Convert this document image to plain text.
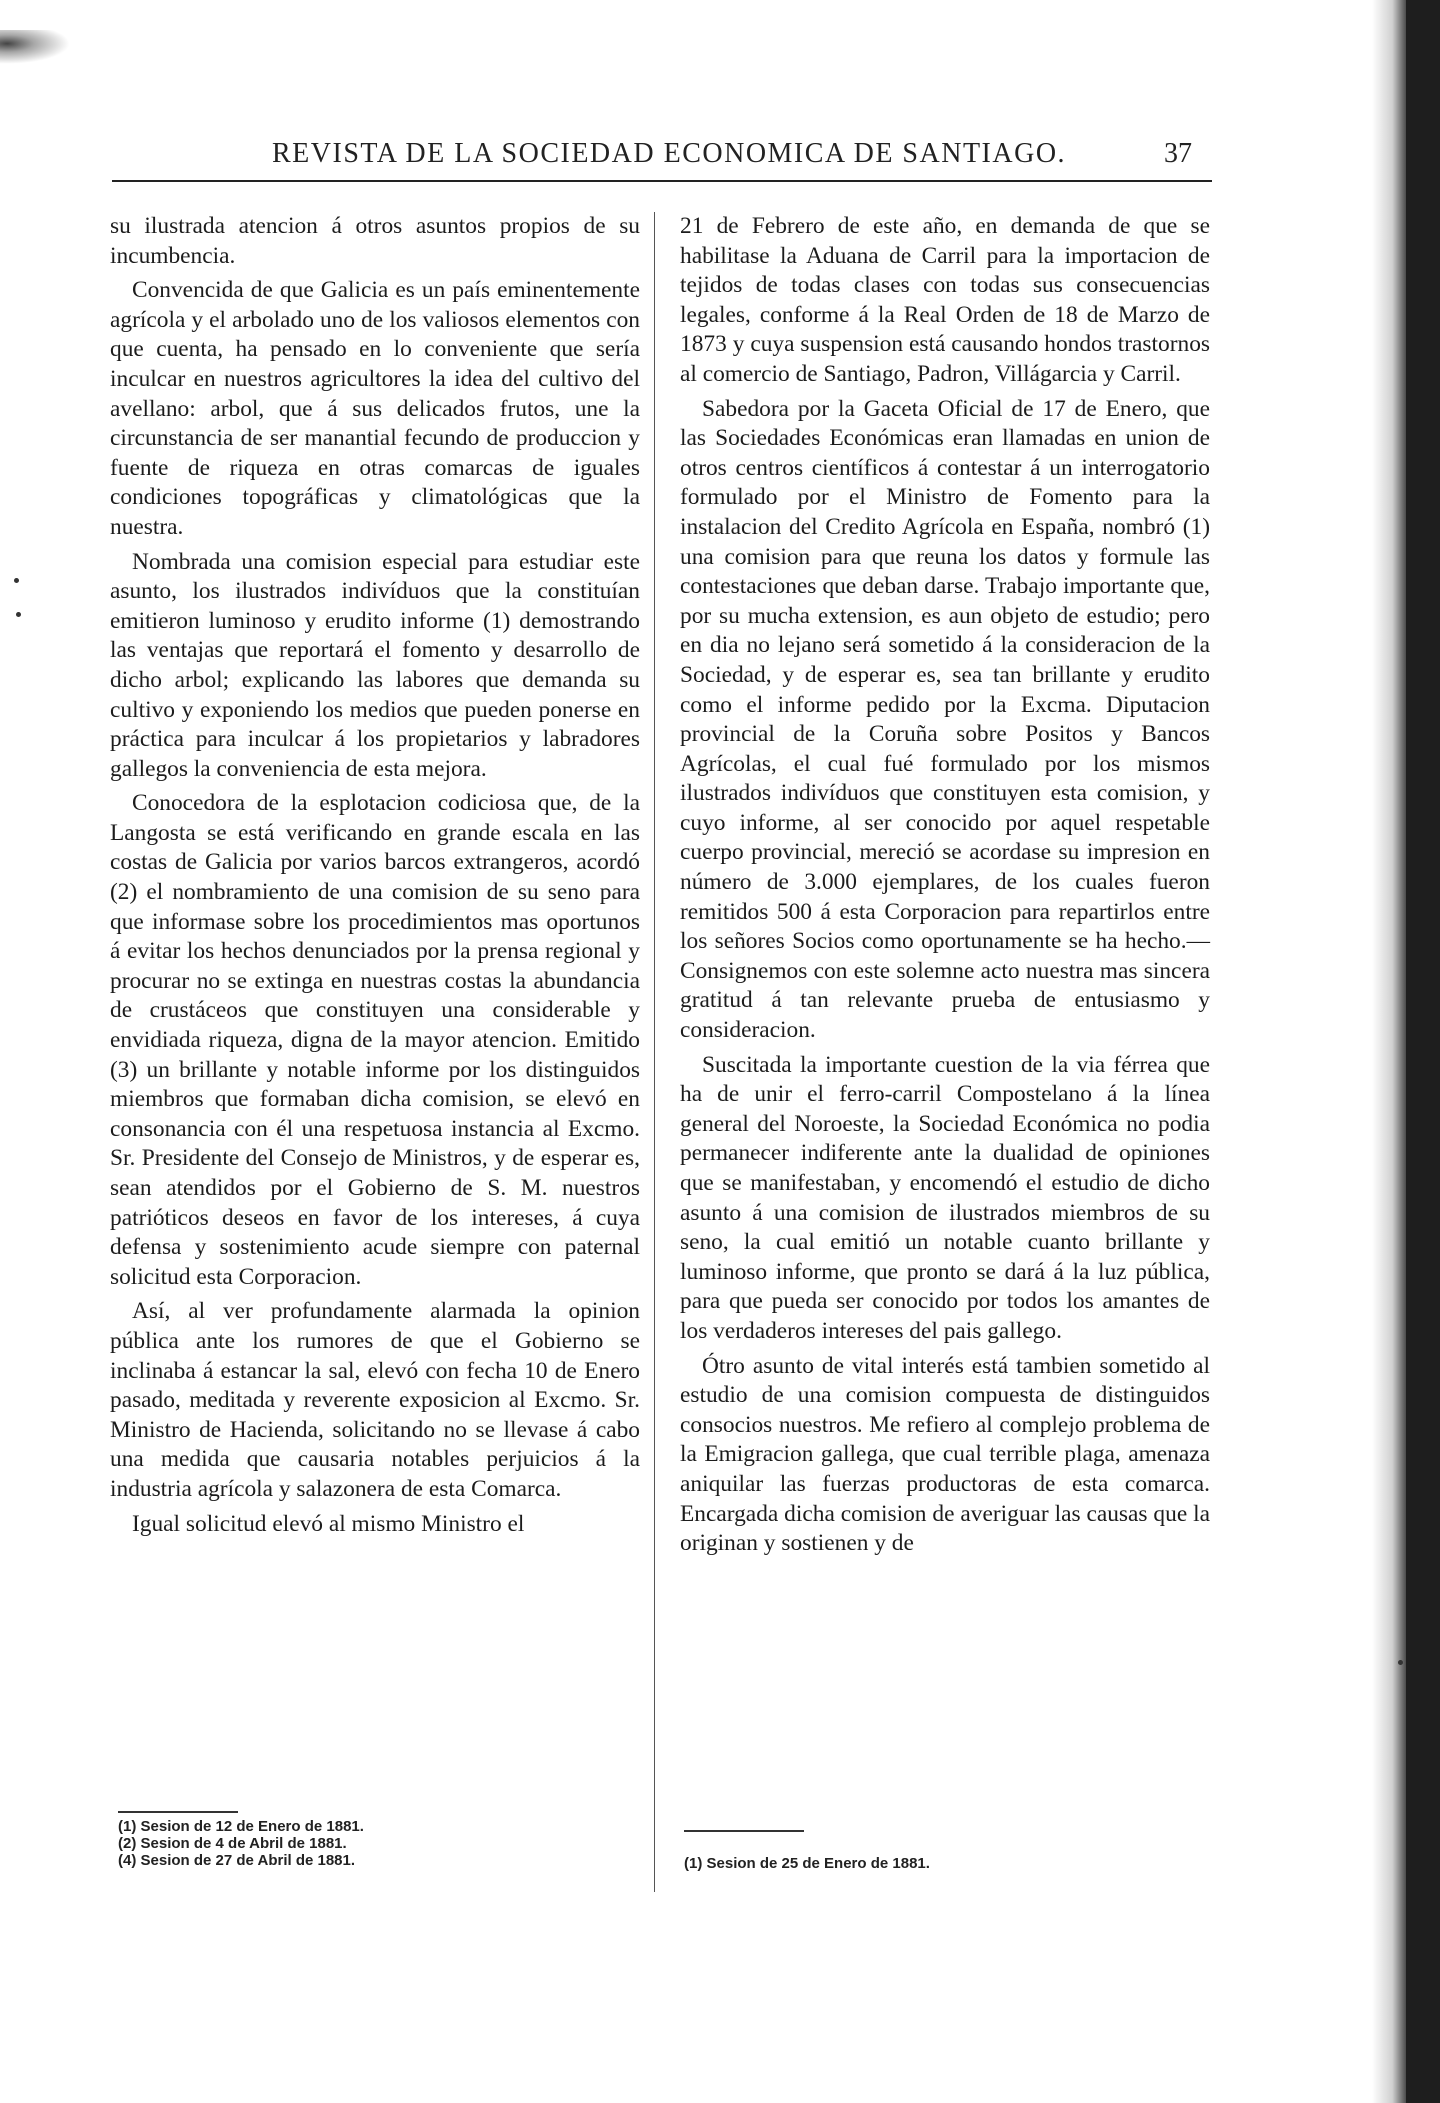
REVISTA DE LA SOCIEDAD ECONOMICA DE SANTIAGO.	37

su ilustrada atencion á otros asuntos propios de su incumbencia.

Convencida de que Galicia es un país eminentemente agrícola y el arbolado uno de los valiosos elementos con que cuenta, ha pensado en lo conveniente que sería inculcar en nuestros agricultores la idea del cultivo del avellano: arbol, que á sus delicados frutos, une la circunstancia de ser manantial fecundo de produccion y fuente de riqueza en otras comarcas de iguales condiciones topográficas y climatológicas que la nuestra.

Nombrada una comision especial para estudiar este asunto, los ilustrados indivíduos que la constituían emitieron luminoso y erudito informe (1) demostrando las ventajas que reportará el fomento y desarrollo de dicho arbol; explicando las labores que demanda su cultivo y exponiendo los medios que pueden ponerse en práctica para inculcar á los propietarios y labradores gallegos la conveniencia de esta mejora.

Conocedora de la esplotacion codiciosa que, de la Langosta se está verificando en grande escala en las costas de Galicia por varios barcos extrangeros, acordó (2) el nombramiento de una comision de su seno para que informase sobre los procedimientos mas oportunos á evitar los hechos denunciados por la prensa regional y procurar no se extinga en nuestras costas la abundancia de crustáceos que constituyen una considerable y envidiada riqueza, digna de la mayor atencion. Emitido (3) un brillante y notable informe por los distinguidos miembros que formaban dicha comision, se elevó en consonancia con él una respetuosa instancia al Excmo. Sr. Presidente del Consejo de Ministros, y de esperar es, sean atendidos por el Gobierno de S. M. nuestros patrióticos deseos en favor de los intereses, á cuya defensa y sostenimiento acude siempre con paternal solicitud esta Corporacion.

Así, al ver profundamente alarmada la opinion pública ante los rumores de que el Gobierno se inclinaba á estancar la sal, elevó con fecha 10 de Enero pasado, meditada y reverente exposicion al Excmo. Sr. Ministro de Hacienda, solicitando no se llevase á cabo una medida que causaria notables perjuicios á la industria agrícola y salazonera de esta Comarca.

Igual solicitud elevó al mismo Ministro el

21 de Febrero de este año, en demanda de que se habilitase la Aduana de Carril para la importacion de tejidos de todas clases con todas sus consecuencias legales, conforme á la Real Orden de 18 de Marzo de 1873 y cuya suspension está causando hondos trastornos al comercio de Santiago, Padron, Villágarcia y Carril.

Sabedora por la Gaceta Oficial de 17 de Enero, que las Sociedades Económicas eran llamadas en union de otros centros científicos á contestar á un interrogatorio formulado por el Ministro de Fomento para la instalacion del Credito Agrícola en España, nombró (1) una comision para que reuna los datos y formule las contestaciones que deban darse. Trabajo importante que, por su mucha extension, es aun objeto de estudio; pero en dia no lejano será sometido á la consideracion de la Sociedad, y de esperar es, sea tan brillante y erudito como el informe pedido por la Excma. Diputacion provincial de la Coruña sobre Positos y Bancos Agrícolas, el cual fué formulado por los mismos ilustrados indivíduos que constituyen esta comision, y cuyo informe, al ser conocido por aquel respetable cuerpo provincial, mereció se acordase su impresion en número de 3.000 ejemplares, de los cuales fueron remitidos 500 á esta Corporacion para repartirlos entre los señores Socios como oportunamente se ha hecho.—Consignemos con este solemne acto nuestra mas sincera gratitud á tan relevante prueba de entusiasmo y consideracion.

Suscitada la importante cuestion de la via férrea que ha de unir el ferro-carril Compostelano á la línea general del Noroeste, la Sociedad Económica no podia permanecer indiferente ante la dualidad de opiniones que se manifestaban, y encomendó el estudio de dicho asunto á una comision de ilustrados miembros de su seno, la cual emitió un notable cuanto brillante y luminoso informe, que pronto se dará á la luz pública, para que pueda ser conocido por todos los amantes de los verdaderos intereses del pais gallego.

Ótro asunto de vital interés está tambien sometido al estudio de una comision compuesta de distinguidos consocios nuestros. Me refiero al complejo problema de la Emigracion gallega, que cual terrible plaga, amenaza aniquilar las fuerzas productoras de esta comarca. Encargada dicha comision de averiguar las causas que la originan y sostienen y de

(1) Sesion de 12 de Enero de 1881.
(2) Sesion de 4 de Abril de 1881.
(4) Sesion de 27 de Abril de 1881.	(1) Sesion de 25 de Enero de 1881.
